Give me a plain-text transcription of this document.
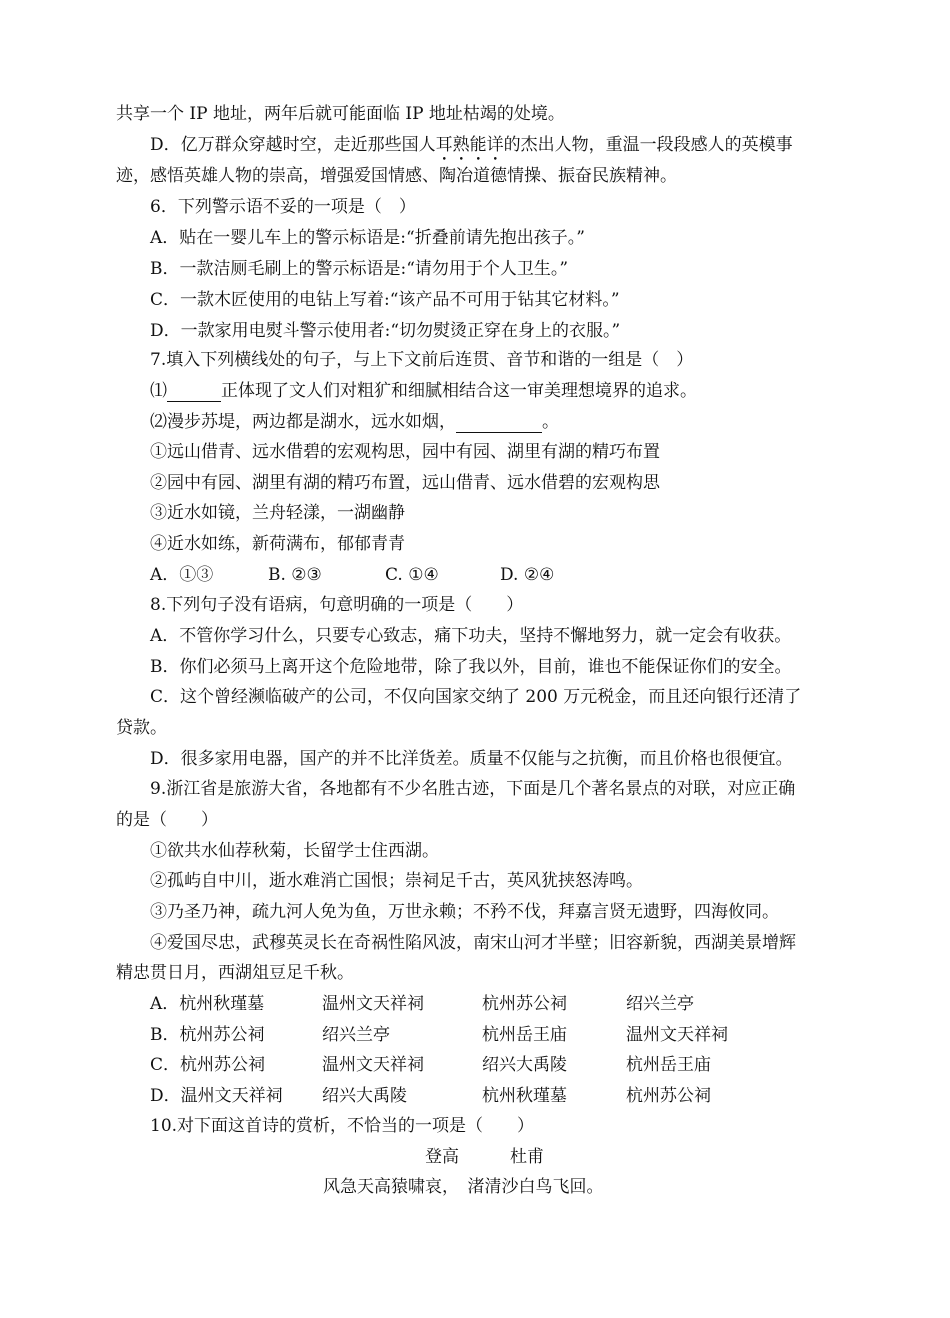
共享一个 IP 地址，两年后就可能面临 IP 地址枯竭的处境。
D．亿万群众穿越时空，走近那些国人耳熟能详的杰出人物，重温一段段感人的英模事
迹，感悟英雄人物的崇高，增强爱国情感、陶冶道德情操、振奋民族精神。
6．下列警示语不妥的一项是（　）
A．贴在一婴儿车上的警示标语是:“折叠前请先抱出孩子。”
B．一款洁厕毛刷上的警示标语是:“请勿用于个人卫生。”
C．一款木匠使用的电钻上写着:“该产品不可用于钻其它材料。”
D．一款家用电熨斗警示使用者:“切勿熨烫正穿在身上的衣服。”
7.填入下列横线处的句子，与上下文前后连贯、音节和谐的一组是（　）
⑴	正体现了文人们对粗犷和细腻相结合这一审美理想境界的追求。
⑵漫步苏堤，两边都是湖水，远水如烟，	。
①远山借青、远水借碧的宏观构思，园中有园、湖里有湖的精巧布置
②园中有园、湖里有湖的精巧布置，远山借青、远水借碧的宏观构思
③近水如镜，兰舟轻漾，一湖幽静
④近水如练，新荷满布，郁郁青青
A．①③	B. ②③	C. ①④	D. ②④
8.下列句子没有语病，句意明确的一项是（　　）
A．不管你学习什么，只要专心致志，痛下功夫，坚持不懈地努力，就一定会有收获。
B．你们必须马上离开这个危险地带，除了我以外，目前，谁也不能保证你们的安全。
C．这个曾经濒临破产的公司，不仅向国家交纳了 200 万元税金，而且还向银行还清了
贷款。
D．很多家用电器，国产的并不比洋货差。质量不仅能与之抗衡，而且价格也很便宜。
9.浙江省是旅游大省，各地都有不少名胜古迹，下面是几个著名景点的对联，对应正确
的是（　　）
①欲共水仙荐秋菊，长留学士住西湖。
②孤屿自中川，逝水难消亡国恨；崇祠足千古，英风犹挟怒涛鸣。
③乃圣乃神，疏九河人免为鱼，万世永赖；不矜不伐，拜嘉言贤无遗野，四海攸同。
④爱国尽忠，武穆英灵长在奇祸性陷风波，南宋山河才半壁；旧容新貌，西湖美景增辉
精忠贯日月，西湖俎豆足千秋。
A．杭州秋瑾墓	温州文天祥祠	杭州苏公祠	绍兴兰亭
B．杭州苏公祠	绍兴兰亭	杭州岳王庙	温州文天祥祠
C．杭州苏公祠	温州文天祥祠	绍兴大禹陵	杭州岳王庙
D．温州文天祥祠 绍兴大禹陵	杭州秋瑾墓	杭州苏公祠
10.对下面这首诗的赏析，不恰当的一项是（　　）
登高　　　杜甫
风急天高猿啸哀，　渚清沙白鸟飞回。
